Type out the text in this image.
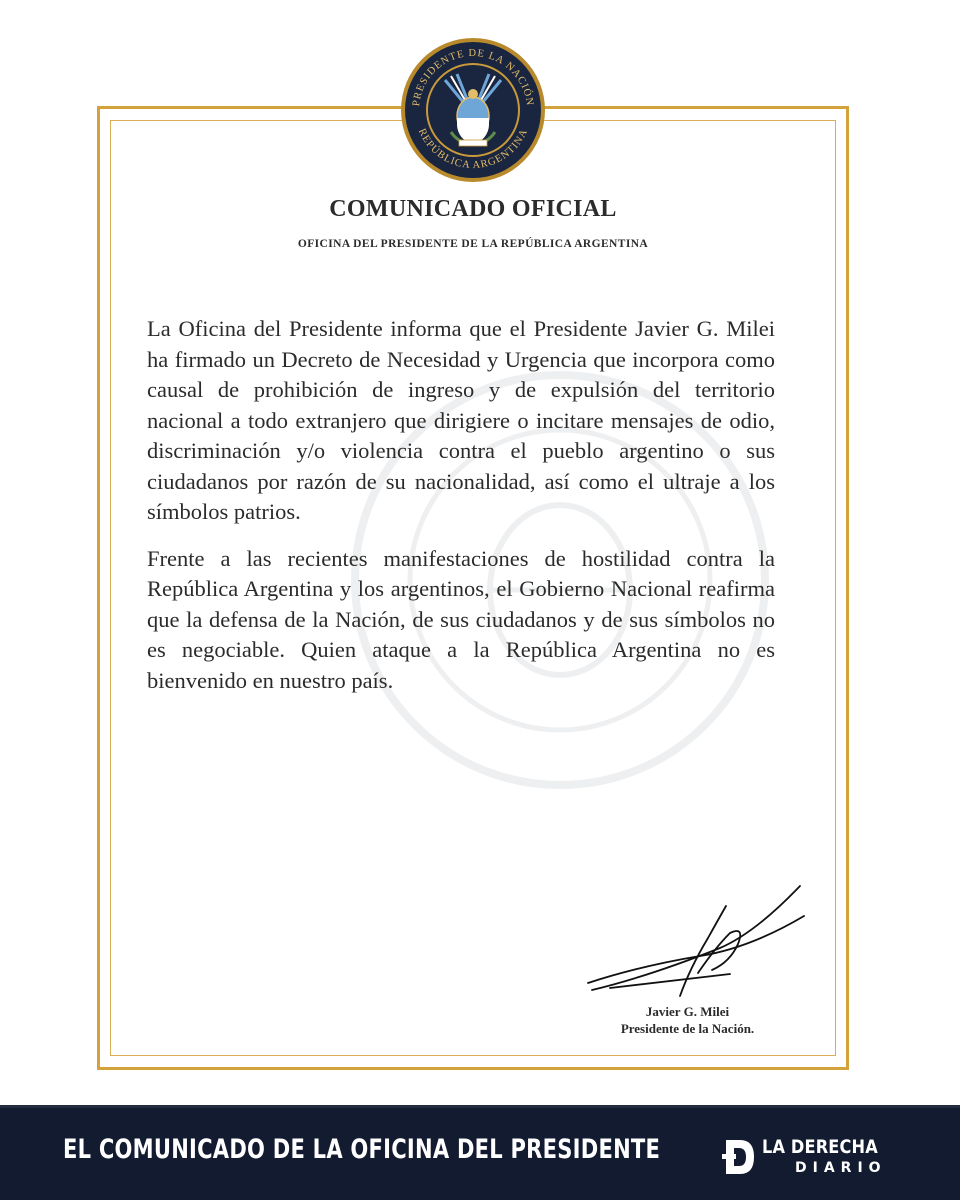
PRESIDENTE DE LA NACIÓN
REPÚBLICA ARGENTINA
COMUNICADO OFICIAL
OFICINA DEL PRESIDENTE DE LA REPÚBLICA ARGENTINA

La Oficina del Presidente informa que el Presidente Javier G. Milei ha firmado un Decreto de Necesidad y Urgencia que incorpora como causal de prohibición de ingreso y de expulsión del territorio nacional a todo extranjero que dirigiere o incitare mensajes de odio, discriminación y/o violencia contra el pueblo argentino o sus ciudadanos por razón de su nacionalidad, así como el ultraje a los símbolos patrios.

Frente a las recientes manifestaciones de hostilidad contra la República Argentina y los argentinos, el Gobierno Nacional reafirma que la defensa de la Nación, de sus ciudadanos y de sus símbolos no es negociable. Quien ataque a la República Argentina no es bienvenido en nuestro país.

Javier G. Milei
Presidente de la Nación.
EL COMUNICADO DE LA OFICINA DEL PRESIDENTE	LA DERECHA
DIARIO
